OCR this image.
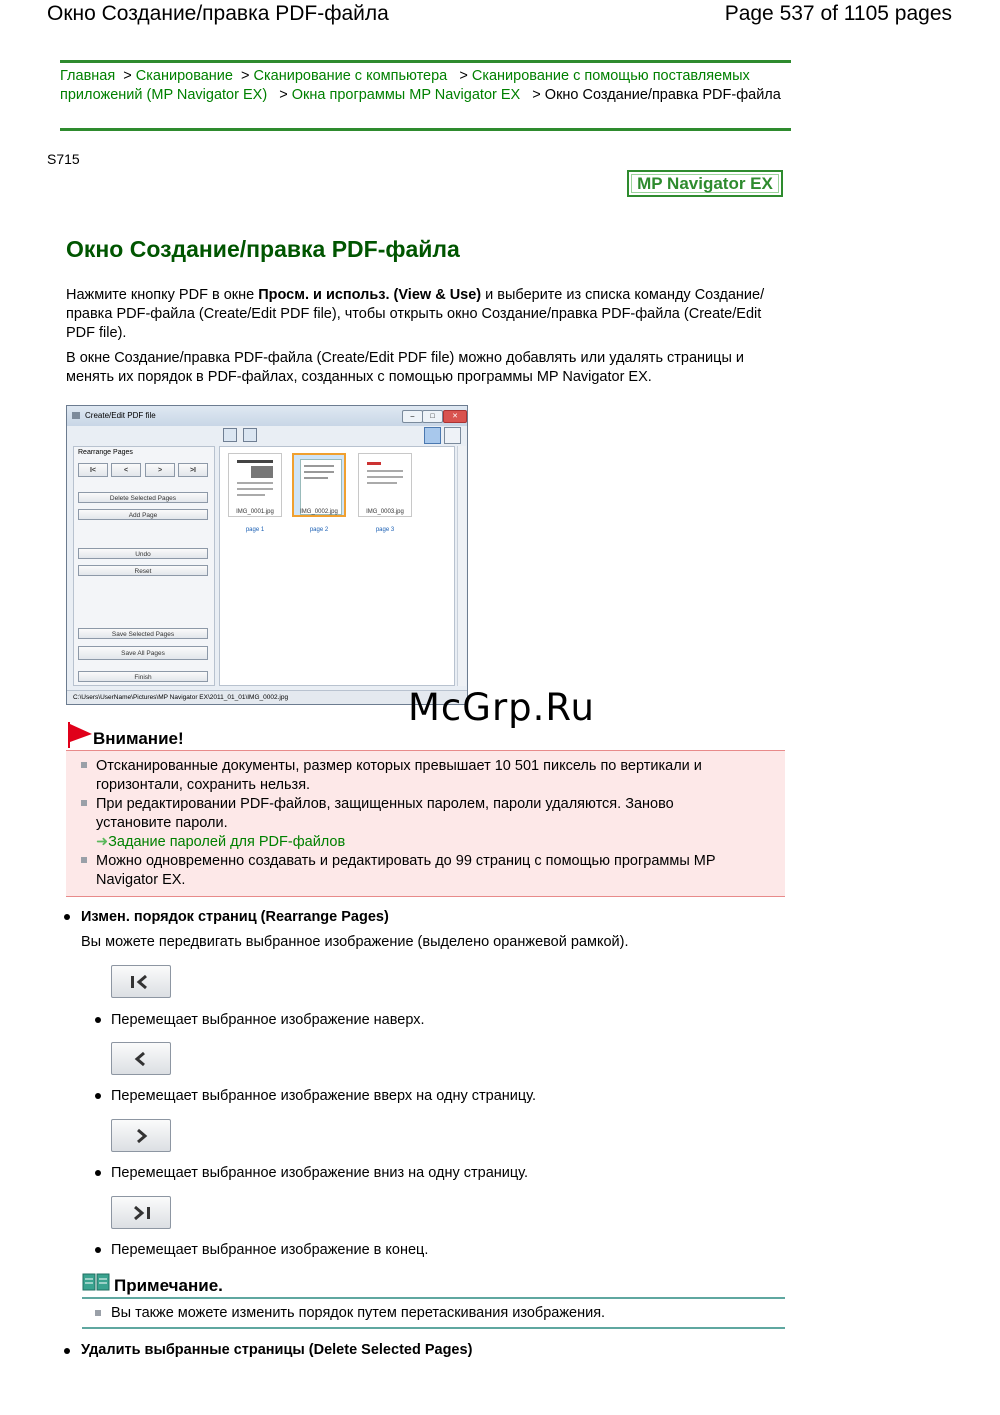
Окно Создание/правка PDF-файла	Page 537 of 1105 pages
Главная  > Сканирование  > Сканирование с компьютера   > Сканирование с помощью поставляемых приложений (MP Navigator EX)   > Окна программы MP Navigator EX   > Окно Создание/правка PDF-файла
S715
MP Navigator EX
Окно Создание/правка PDF-файла
Нажмите кнопку PDF в окне Просм. и использ. (View & Use) и выберите из списка команду Создание/правка PDF-файла (Create/Edit PDF file), чтобы открыть окно Создание/правка PDF-файла (Create/Edit PDF file).
В окне Создание/правка PDF-файла (Create/Edit PDF file) можно добавлять или удалять страницы и менять их порядок в PDF-файлах, созданных с помощью программы MP Navigator EX.
Create/Edit PDF file	–	□	✕
Rearrange Pages
I<	<	>	>I
Delete Selected Pages
Add Page
Undo
Reset
Save Selected Pages
Save All Pages
Finish
IMG_0001.jpg	IMG_0002.jpg	IMG_0003.jpg
page 1	page 2	page 3
C:\Users\UserName\Pictures\MP Navigator EX\2011_01_01\IMG_0002.jpg	McGrp.Ru
Внимание!
Отсканированные документы, размер которых превышает 10 501 пиксель по вертикали и горизонтали, сохранить нельзя.
При редактировании PDF-файлов, защищенных паролем, пароли удаляются. Заново установите пароли.
➜Задание паролей для PDF-файлов
Можно одновременно создавать и редактировать до 99 страниц с помощью программы MP Navigator EX.
Измен. порядок страниц (Rearrange Pages)
Вы можете передвигать выбранное изображение (выделено оранжевой рамкой).
Перемещает выбранное изображение наверх.
Перемещает выбранное изображение вверх на одну страницу.
Перемещает выбранное изображение вниз на одну страницу.
Перемещает выбранное изображение в конец.
Примечание.
Вы также можете изменить порядок путем перетаскивания изображения.
Удалить выбранные страницы (Delete Selected Pages)
